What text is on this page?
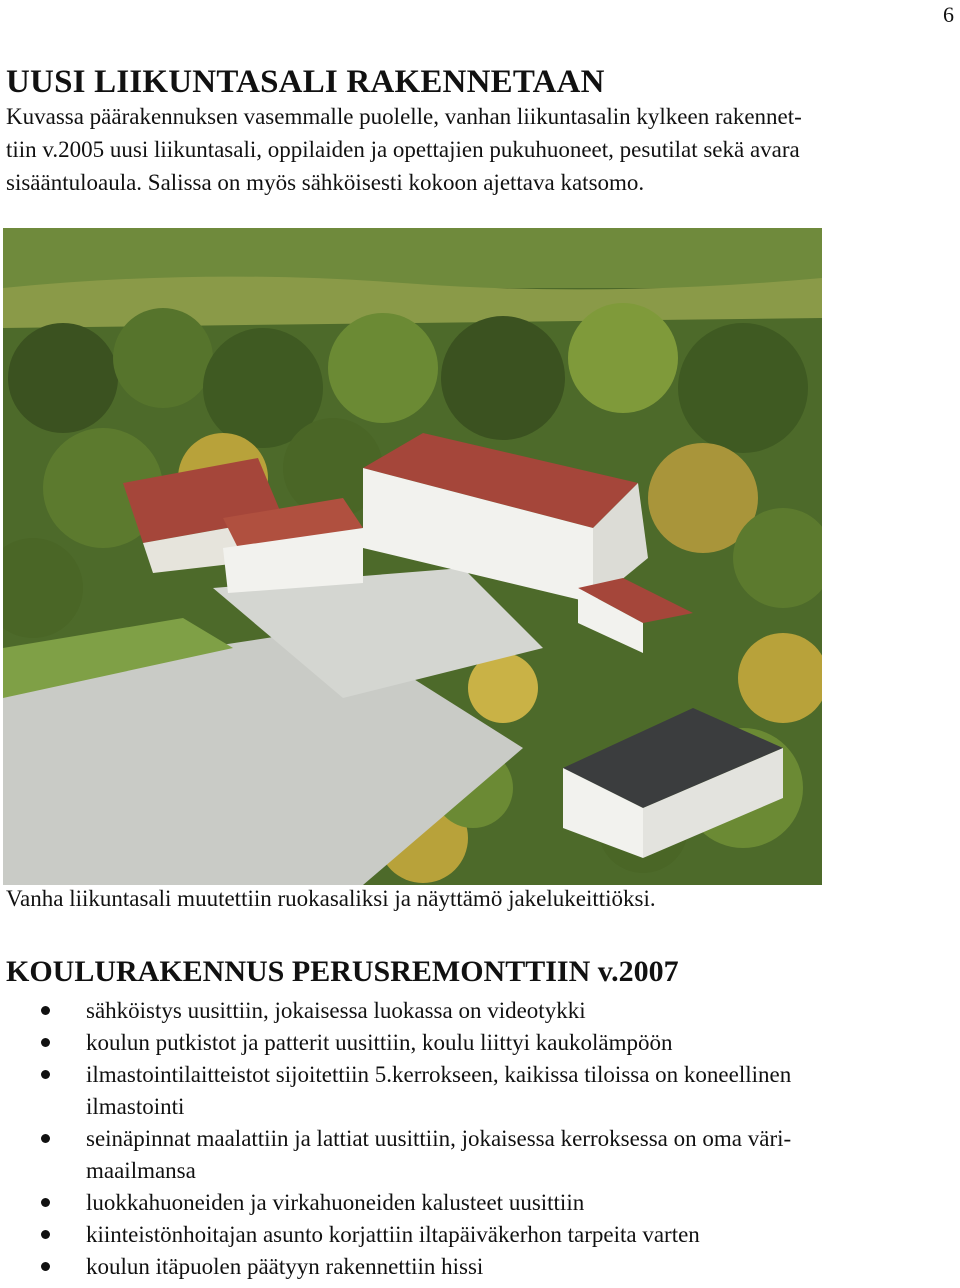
6
UUSI LIIKUNTASALI RAKENNETAAN
Kuvassa päärakennuksen vasemmalle puolelle, vanhan liikuntasalin kylkeen rakennet-
tiin v.2005 uusi liikuntasali, oppilaiden ja opettajien pukuhuoneet, pesutilat sekä avara
sisääntuloaula. Salissa on myös sähköisesti kokoon ajettava katsomo.
Vanha liikuntasali muutettiin ruokasaliksi ja näyttämö jakelukeittiöksi.
KOULURAKENNUS PERUSREMONTTIIN v.2007
sähköistys uusittiin, jokaisessa luokassa on videotykki
koulun putkistot ja patterit uusittiin, koulu liittyi kaukolämpöön
ilmastointilaitteistot sijoitettiin 5.kerrokseen, kaikissa tiloissa on koneellinen
ilmastointi
seinäpinnat maalattiin ja lattiat uusittiin, jokaisessa kerroksessa on oma väri-
maailmansa
luokkahuoneiden ja virkahuoneiden kalusteet uusittiin
kiinteistönhoitajan asunto korjattiin iltapäiväkerhon tarpeita varten
koulun itäpuolen päätyyn rakennettiin hissi
